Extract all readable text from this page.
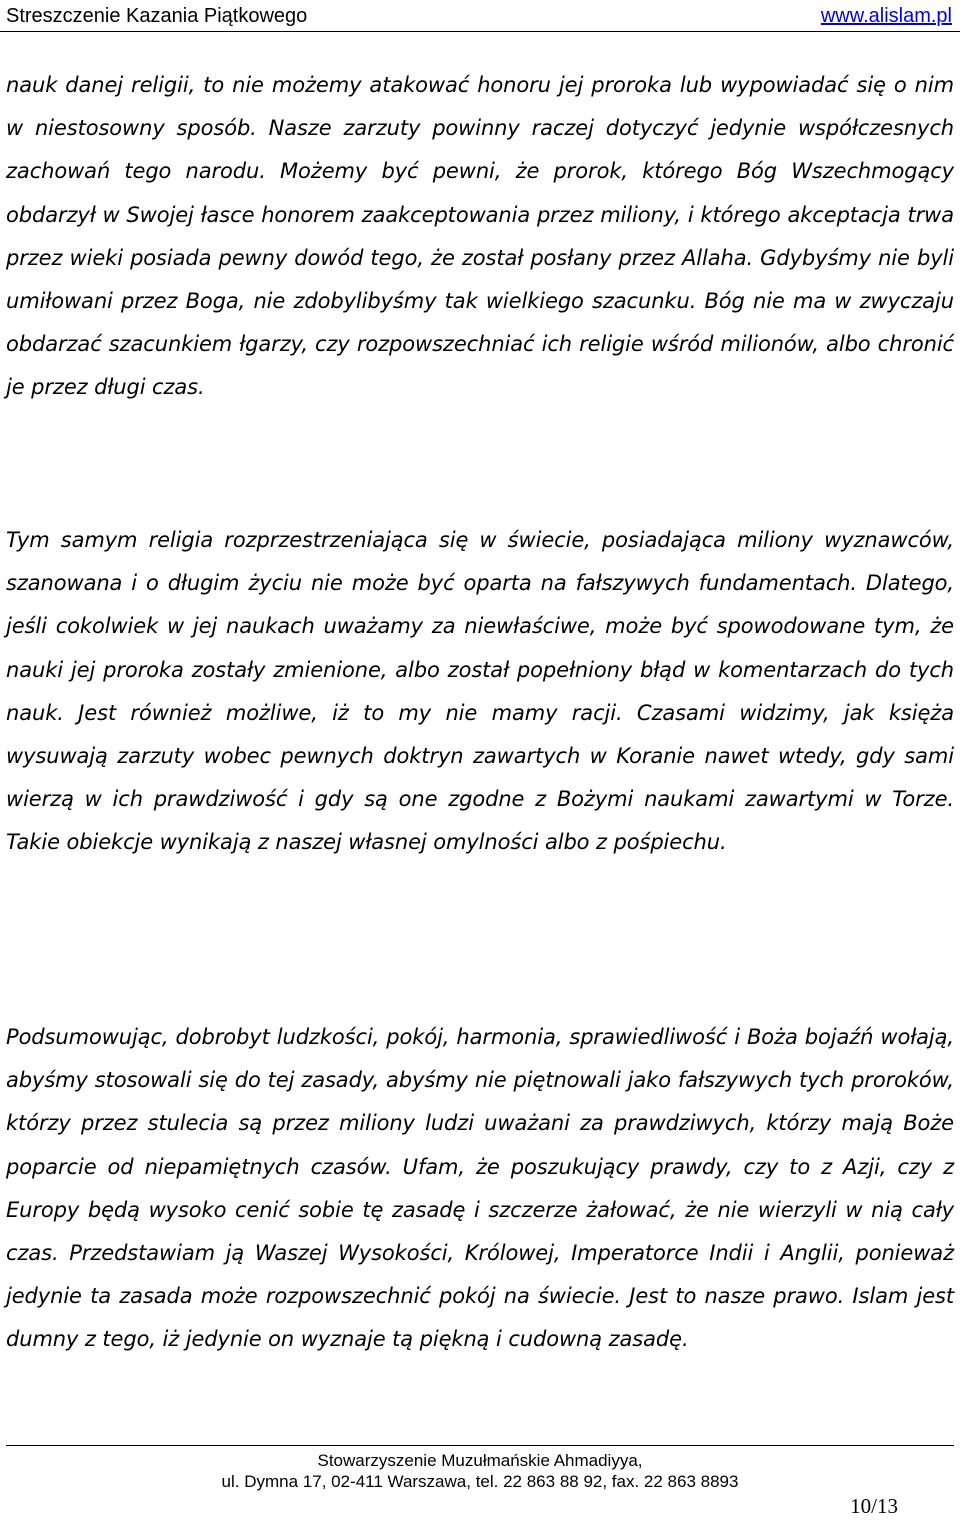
Streszczenie Kazania Piątkowego	www.alislam.pl

nauk danej religii, to nie możemy atakować honoru jej proroka lub wypowiadać się o nim w niestosowny sposób. Nasze zarzuty powinny raczej dotyczyć jedynie współczesnych zachowań tego narodu. Możemy być pewni, że prorok, którego Bóg Wszechmogący obdarzył w Swojej łasce honorem zaakceptowania przez miliony, i którego akceptacja trwa przez wieki posiada pewny dowód tego, że został posłany przez Allaha. Gdybyśmy nie byli umiłowani przez Boga, nie zdobylibyśmy tak wielkiego szacunku. Bóg nie ma w zwyczaju obdarzać szacunkiem łgarzy, czy rozpowszechniać ich religie wśród milionów, albo chronić je przez długi czas.

Tym samym religia rozprzestrzeniająca się w świecie, posiadająca miliony wyznawców, szanowana i o długim życiu nie może być oparta na fałszywych fundamentach. Dlatego, jeśli cokolwiek w jej naukach uważamy za niewłaściwe, może być spowodowane tym, że nauki jej proroka zostały zmienione, albo został popełniony błąd w komentarzach do tych nauk. Jest również możliwe, iż to my nie mamy racji. Czasami widzimy, jak księża wysuwają zarzuty wobec pewnych doktryn zawartych w Koranie nawet wtedy, gdy sami wierzą w ich prawdziwość i gdy są one zgodne z Bożymi naukami zawartymi w Torze. Takie obiekcje wynikają z naszej własnej omylności albo z pośpiechu.

Podsumowując, dobrobyt ludzkości, pokój, harmonia, sprawiedliwość i Boża bojaźń wołają, abyśmy stosowali się do tej zasady, abyśmy nie piętnowali jako fałszywych tych proroków, którzy przez stulecia są przez miliony ludzi uważani za prawdziwych, którzy mają Boże poparcie od niepamiętnych czasów. Ufam, że poszukujący prawdy, czy to z Azji, czy z Europy będą wysoko cenić sobie tę zasadę i szczerze żałować, że nie wierzyli w nią cały czas. Przedstawiam ją Waszej Wysokości, Królowej, Imperatorce Indii i Anglii, ponieważ jedynie ta zasada może rozpowszechnić pokój na świecie. Jest to nasze prawo. Islam jest dumny z tego, iż jedynie on wyznaje tą piękną i cudowną zasadę.

Stowarzyszenie Muzułmańskie Ahmadiyya,
ul. Dymna 17, 02-411 Warszawa, tel. 22 863 88 92, fax. 22 863 8893
10/13
